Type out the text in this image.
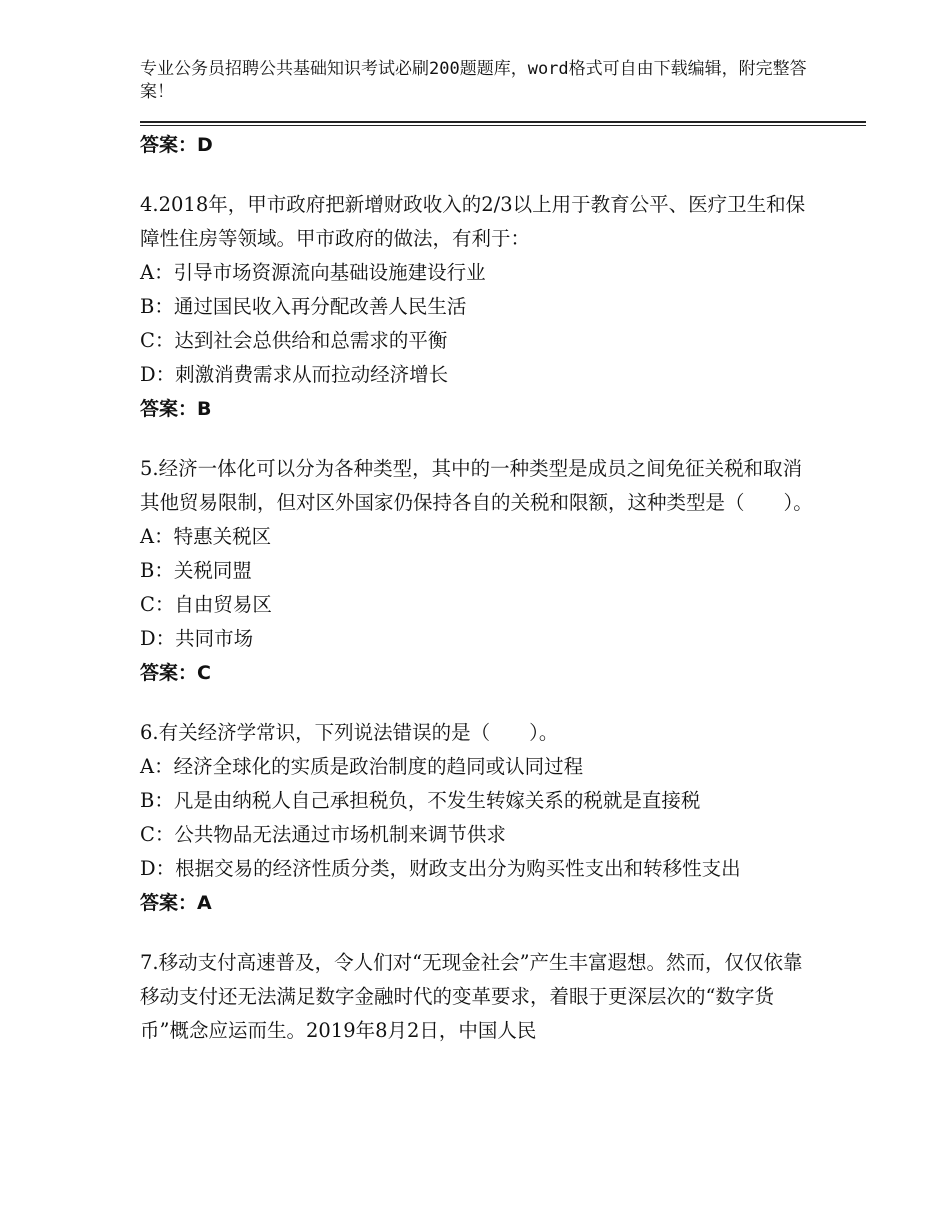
专业公务员招聘公共基础知识考试必刷200题题库，word格式可自由下载编辑，附完整答案！
答案：D
4.2018年，甲市政府把新增财政收入的2/3以上用于教育公平、医疗卫生和保障性住房等领域。甲市政府的做法，有利于：
A：引导市场资源流向基础设施建设行业
B：通过国民收入再分配改善人民生活
C：达到社会总供给和总需求的平衡
D：刺激消费需求从而拉动经济增长
答案：B
5.经济一体化可以分为各种类型，其中的一种类型是成员之间免征关税和取消其他贸易限制，但对区外国家仍保持各自的关税和限额，这种类型是（　　）。
A：特惠关税区
B：关税同盟
C：自由贸易区
D：共同市场
答案：C
6.有关经济学常识，下列说法错误的是（　　）。
A：经济全球化的实质是政治制度的趋同或认同过程
B：凡是由纳税人自己承担税负，不发生转嫁关系的税就是直接税
C：公共物品无法通过市场机制来调节供求
D：根据交易的经济性质分类，财政支出分为购买性支出和转移性支出
答案：A
7.移动支付高速普及，令人们对“无现金社会”产生丰富遐想。然而，仅仅依靠移动支付还无法满足数字金融时代的变革要求，着眼于更深层次的“数字货币”概念应运而生。2019年8月2日，中国人民
